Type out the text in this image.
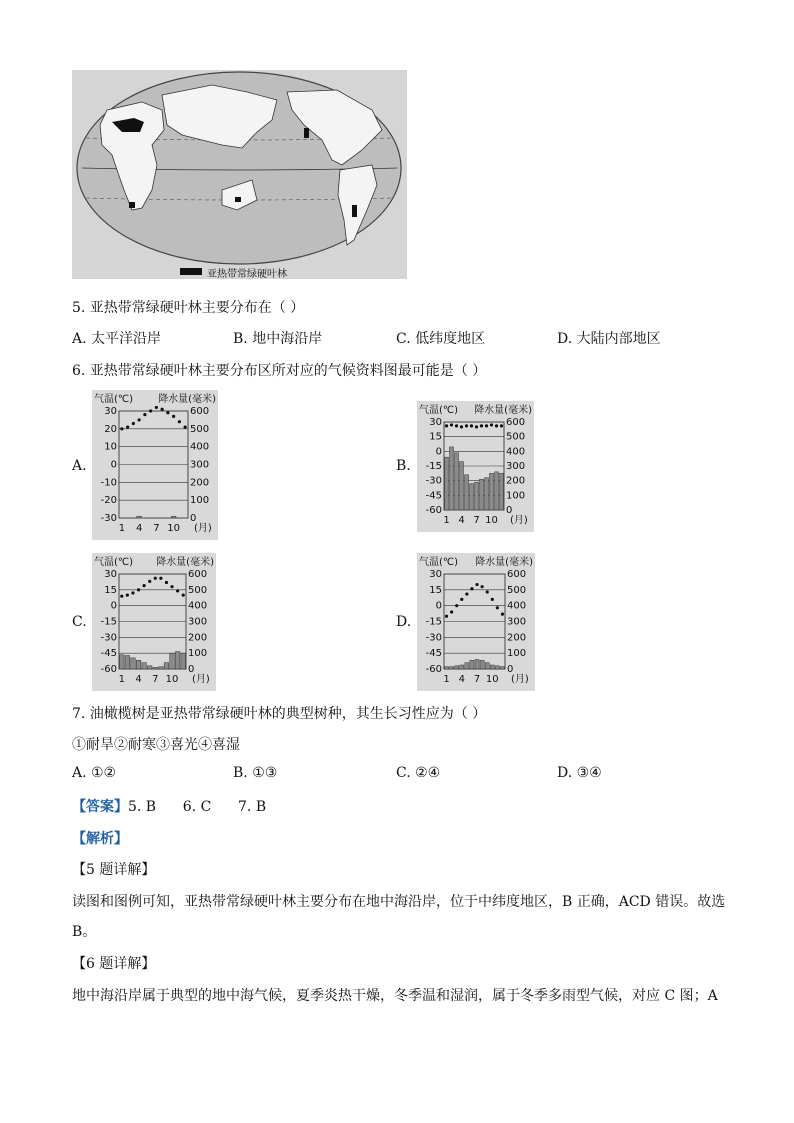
亚热带常绿硬叶林
5. 亚热带常绿硬叶林主要分布在（ ）
A. 太平洋沿岸	B. 地中海沿岸	C. 低纬度地区	D. 大陆内部地区
6. 亚热带常绿硬叶林主要分布区所对应的气候资料图最可能是（ ）
A.	B.
C.	D.
气温(℃)	降水量(毫米)
30	600
20	500
10	400
0	300
-10	200
-20	100
-30	0
1 4 7 10 (月)
气温(℃) 降水量(毫米)
30	600
15	500
0	400
-15	300
-30	200
-45	100
-60	0
1 4 7 10 (月)
气温(℃) 降水量(毫米)
30	600
15	500
0	400
-15	300
-30	200
-45	100
-60	0
1 4 7 10 (月)
气温(℃) 降水量(毫米)
30	600
15	500
0	400
-15	300
-30	200
-45	100
-60	0
1 4 7 10 (月)
7. 油橄榄树是亚热带常绿硬叶林的典型树种，其生长习性应为（ ）
①耐旱②耐寒③喜光④喜湿
A. ①②	B. ①③	C. ②④	D. ③④
【答案】5. B      6. C      7. B
【解析】
【5 题详解】
读图和图例可知，亚热带常绿硬叶林主要分布在地中海沿岸，位于中纬度地区，B 正确，ACD 错误。故选
B。
【6 题详解】
地中海沿岸属于典型的地中海气候，夏季炎热干燥，冬季温和湿润，属于冬季多雨型气候，对应 C 图；A
